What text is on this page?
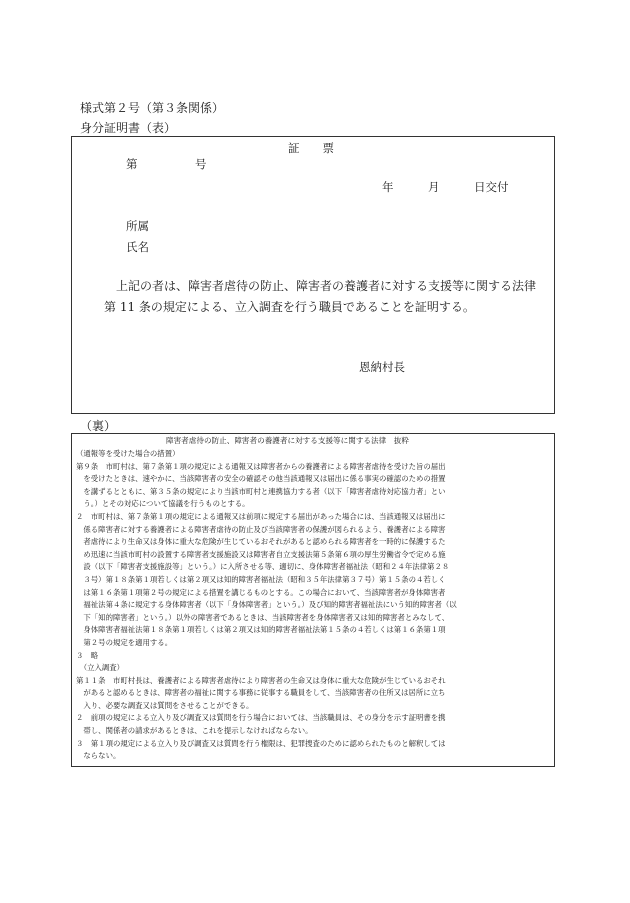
様式第２号（第３条関係）
身分証明書（表）
証　　票
第　　　　　号
年　　　月　　　日交付
所属
氏名
上記の者は、障害者虐待の防止、障害者の養護者に対する支援等に関する法律
第 11 条の規定による、立入調査を行う職員であることを証明する。
恩納村長
（裏）
障害者虐待の防止、障害者の養護者に対する支援等に関する法律　抜粋
（通報等を受けた場合の措置）
第９条　市町村は、第７条第１項の規定による通報又は障害者からの養護者による障害者虐待を受けた旨の届出
　を受けたときは、速やかに、当該障害者の安全の確認その他当該通報又は届出に係る事実の確認のための措置
　を講ずるとともに、第３５条の規定により当該市町村と連携協力する者（以下「障害者虐待対応協力者」とい
　う。）とその対応について協議を行うものとする。
２　市町村は、第７条第１項の規定による通報又は前項に規定する届出があった場合には、当該通報又は届出に
　係る障害者に対する養護者による障害者虐待の防止及び当該障害者の保護が図られるよう、養護者による障害
　者虐待により生命又は身体に重大な危険が生じているおそれがあると認められる障害者を一時的に保護するた
　め迅速に当該市町村の設置する障害者支援施設又は障害者自立支援法第５条第６項の厚生労働省令で定める施
　設（以下「障害者支援施設等」という。）に入所させる等、適切に、身体障害者福祉法（昭和２４年法律第２８
　３号）第１８条第１項若しくは第２項又は知的障害者福祉法（昭和３５年法律第３７号）第１５条の４若しく
　は第１６条第１項第２号の規定による措置を講じるものとする。この場合において、当該障害者が身体障害者
　福祉法第４条に規定する身体障害者（以下「身体障害者」という。）及び知的障害者福祉法にいう知的障害者（以
　下「知的障害者」という。）以外の障害者であるときは、当該障害者を身体障害者又は知的障害者とみなして、
　身体障害者福祉法第１８条第１項若しくは第２項又は知的障害者福祉法第１５条の４若しくは第１６条第１項
　第２号の規定を適用する。
３　略
　（立入調査）
第１１条　市町村長は、養護者による障害者虐待により障害者の生命又は身体に重大な危険が生じているおそれ
　があると認めるときは、障害者の福祉に関する事務に従事する職員をして、当該障害者の住所又は居所に立ち
　入り、必要な調査又は質問をさせることができる。
２　前項の規定による立入り及び調査又は質問を行う場合においては、当該職員は、その身分を示す証明書を携
　帯し、関係者の請求があるときは、これを提示しなければならない。
３　第１項の規定による立入り及び調査又は質問を行う権限は、犯罪捜査のために認められたものと解釈しては
　ならない。
